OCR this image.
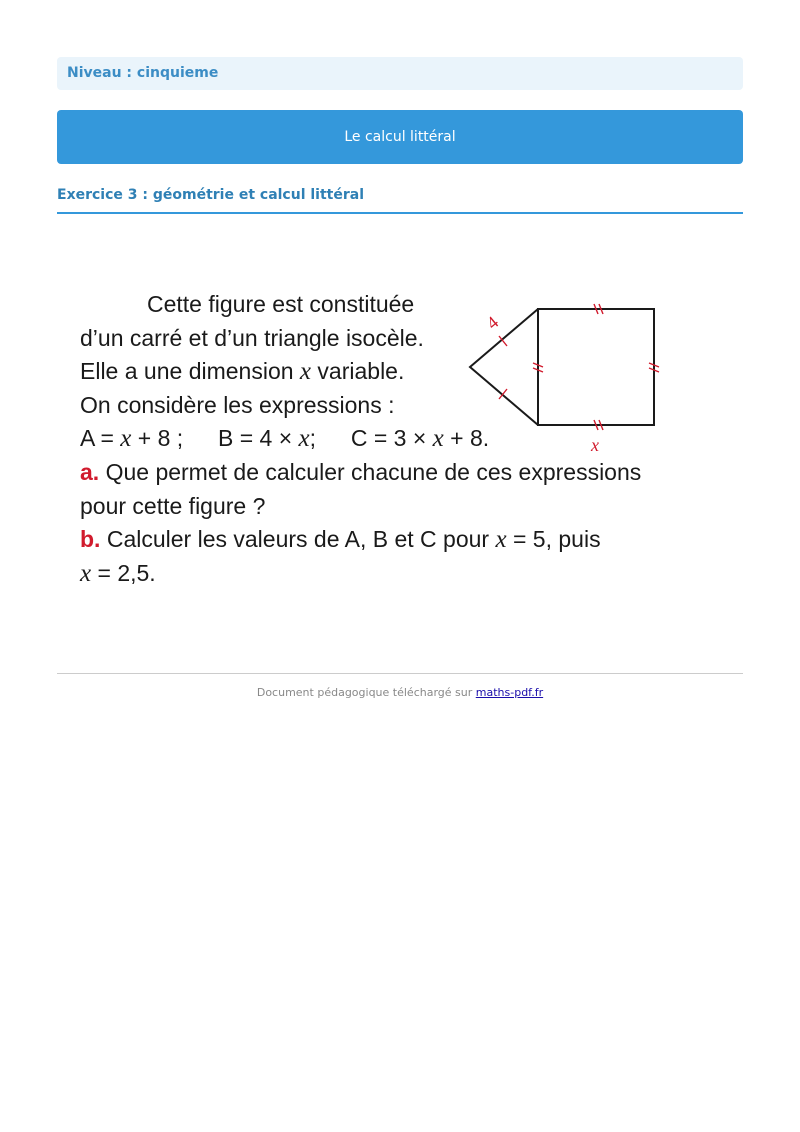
Niveau : cinquieme
Le calcul littéral
Exercice 3 : géométrie et calcul littéral
Cette figure est constituée
d’un carré et d’un triangle isocèle.
Elle a une dimension x variable.
On considère les expressions :
A = x + 8 ; B = 4 × x; C = 3 × x + 8.
a. Que permet de calculer chacune de ces expressions
pour cette figure ?
b. Calculer les valeurs de A, B et C pour x = 5, puis
x = 2,5.
4
x
Document pédagogique téléchargé sur maths-pdf.fr
